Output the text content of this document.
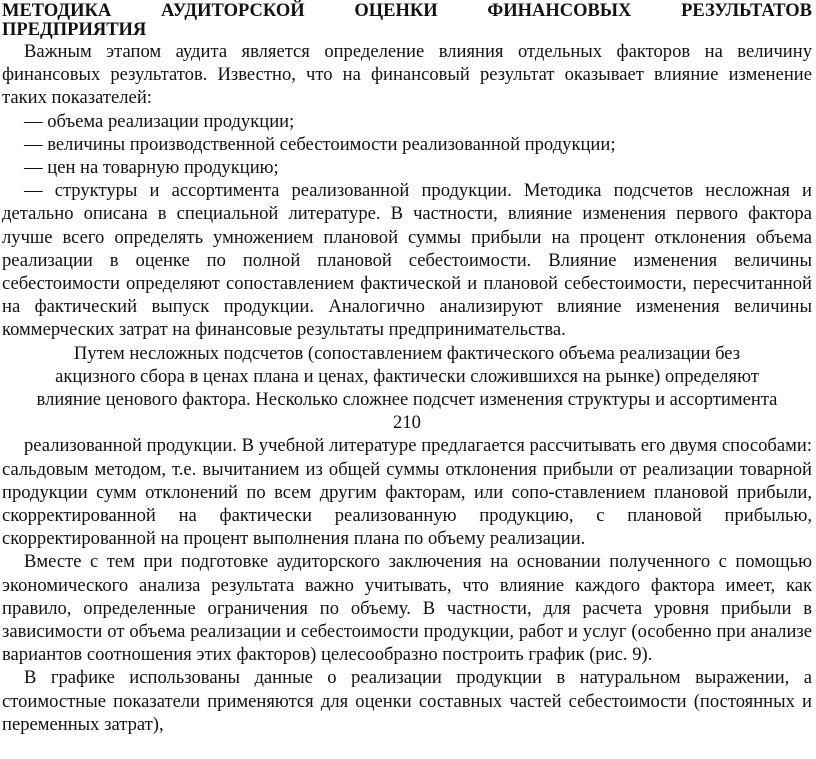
МЕТОДИКА АУДИТОРСКОЙ ОЦЕНКИ ФИНАНСОВЫХ РЕЗУЛЬТАТОВ
ПРЕДПРИЯТИЯ

Важным этапом аудита является определение влияния отдельных факторов на величину финансовых результатов. Известно, что на финансовый результат оказывает влияние изменение таких показателей:

— объема реализации продукции;

— величины производственной себестоимости реализованной продукции;

— цен на товарную продукцию;

— структуры и ассортимента реализованной продукции. Методика подсчетов несложная и детально описана в специальной литературе. В частности, влияние изменения первого фактора лучше всего определять умножением плановой суммы прибыли на процент отклонения объема реализации в оценке по полной плановой себестоимости. Влияние изменения величины себестоимости определяют сопоставлением фактической и плановой себестоимости, пересчитанной на фактический выпуск продукции. Аналогично анализируют влияние изменения величины коммерческих затрат на финансовые результаты предпринимательства.

Путем несложных подсчетов (сопоставлением фактического объема реализации без

акцизного сбора в ценах плана и ценах, фактически сложившихся на рынке) определяют

влияние ценового фактора. Несколько сложнее подсчет изменения структуры и ассортимента

210

реализованной продукции. В учебной литературе предлагается рассчитывать его двумя способами: сальдовым методом, т.е. вычитанием из общей суммы отклонения прибыли от реализации товарной продукции сумм отклонений по всем другим факторам, или сопо-ставлением плановой прибыли, скорректированной на фактически реализованную продукцию, с плановой прибылью, скорректированной на процент выполнения плана по объему реализации.

Вместе с тем при подготовке аудиторского заключения на основании полученного с помощью экономического анализа результата важно учитывать, что влияние каждого фактора имеет, как правило, определенные ограничения по объему. В частности, для расчета уровня прибыли в зависимости от объема реализации и себестоимости продукции, работ и услуг (особенно при анализе вариантов соотношения этих факторов) целесообразно построить график (рис. 9).

В графике использованы данные о реализации продукции в натуральном выражении, а стоимостные показатели применяются для оценки составных частей себестоимости (постоянных и переменных затрат),
